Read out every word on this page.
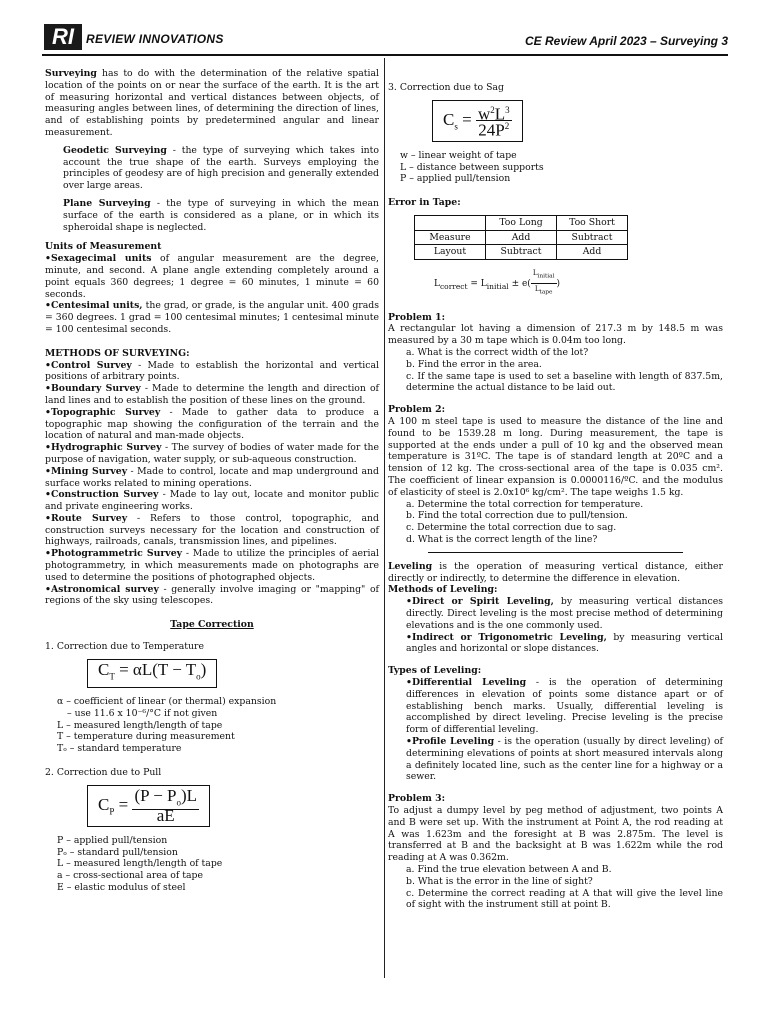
RI	REVIEW INNOVATIONS	CE Review April 2023 – Surveying 3

Surveying has to do with the determination of the relative spatial location of the points on or near the surface of the earth. It is the art of measuring horizontal and vertical distances between objects, of measuring angles between lines, of determining the direction of lines, and of establishing points by predetermined angular and linear measurement.

Geodetic Surveying - the type of surveying which takes into account the true shape of the earth. Surveys employing the principles of geodesy are of high precision and generally extended over large areas.

Plane Surveying - the type of surveying in which the mean surface of the earth is considered as a plane, or in which its spheroidal shape is neglected.

Units of Measurement
•Sexagecimal units of angular measurement are the degree, minute, and second. A plane angle extending completely around a point equals 360 degrees; 1 degree = 60 minutes, 1 minute = 60 seconds.
•Centesimal units, the grad, or grade, is the angular unit. 400 grads = 360 degrees. 1 grad = 100 centesimal minutes; 1 centesimal minute = 100 centesimal seconds.
METHODS OF SURVEYING:
•Control Survey - Made to establish the horizontal and vertical positions of arbitrary points.
•Boundary Survey - Made to determine the length and direction of land lines and to establish the position of these lines on the ground.
•Topographic Survey - Made to gather data to produce a topographic map showing the configuration of the terrain and the location of natural and man-made objects.
•Hydrographic Survey - The survey of bodies of water made for the purpose of navigation, water supply, or sub-aqueous construction.
•Mining Survey - Made to control, locate and map underground and surface works related to mining operations.
•Construction Survey - Made to lay out, locate and monitor public and private engineering works.
•Route Survey - Refers to those control, topographic, and construction surveys necessary for the location and construction of highways, railroads, canals, transmission lines, and pipelines.
•Photogrammetric Survey - Made to utilize the principles of aerial photogrammetry, in which measurements made on photographs are used to determine the positions of photographed objects.
•Astronomical survey - generally involve imaging or "mapping" of regions of the sky using telescopes.
Tape Correction
1. Correction due to Temperature
$C_T = \alpha L(T - T_o)$
α – coefficient of linear (or thermal) expansion
– use 11.6 x 10⁻⁶/°C if not given
L – measured length/length of tape
T – temperature during measurement
Tₒ – standard temperature
2. Correction due to Pull
$C_P = \frac{(P - P_o)L}{aE}$
P – applied pull/tension
Pₒ – standard pull/tension
L – measured length/length of tape
a – cross-sectional area of tape
E – elastic modulus of steel
3. Correction due to Sag
$C_s = \frac{w^2L^3}{24P^2}$
w – linear weight of tape
L – distance between supports
P – applied pull/tension
Error in Tape:
	Too Long	Too Short
Measure	Add	Subtract
Layout	Subtract	Add
$L_{correct} = L_{initial} \pm e( \frac{L_{initial}}{L_{tape}}$ )
Problem 1:
A rectangular lot having a dimension of 217.3 m by 148.5 m was measured by a 30 m tape which is 0.04m too long.
a. What is the correct width of the lot?
b. Find the error in the area.
c. If the same tape is used to set a baseline with length of 837.5m, determine the actual distance to be laid out.
Problem 2:
A 100 m steel tape is used to measure the distance of the line and found to be 1539.28 m long. During measurement, the tape is supported at the ends under a pull of 10 kg and the observed mean temperature is 31ºC. The tape is of standard length at 20ºC and a tension of 12 kg. The cross-sectional area of the tape is 0.035 cm². The coefficient of linear expansion is 0.0000116/ºC. and the modulus of elasticity of steel is 2.0x10⁶ kg/cm². The tape weighs 1.5 kg.
a. Determine the total correction for temperature.
b. Find the total correction due to pull/tension.
c. Determine the total correction due to sag.
d. What is the correct length of the line?
Leveling is the operation of measuring vertical distance, either directly or indirectly, to determine the difference in elevation.
Methods of Leveling:
•Direct or Spirit Leveling, by measuring vertical distances directly. Direct leveling is the most precise method of determining elevations and is the one commonly used.
•Indirect or Trigonometric Leveling, by measuring vertical angles and horizontal or slope distances.
Types of Leveling:
•Differential Leveling - is the operation of determining differences in elevation of points some distance apart or of establishing bench marks. Usually, differential leveling is accomplished by direct leveling. Precise leveling is the precise form of differential leveling.
•Profile Leveling - is the operation (usually by direct leveling) of determining elevations of points at short measured intervals along a definitely located line, such as the center line for a highway or a sewer.
Problem 3:
To adjust a dumpy level by peg method of adjustment, two points A and B were set up. With the instrument at Point A, the rod reading at A was 1.623m and the foresight at B was 2.875m. The level is transferred at B and the backsight at B was 1.622m while the rod reading at A was 0.362m.
a. Find the true elevation between A and B.
b. What is the error in the line of sight?
c. Determine the correct reading at A that will give the level line of sight with the instrument still at point B.
